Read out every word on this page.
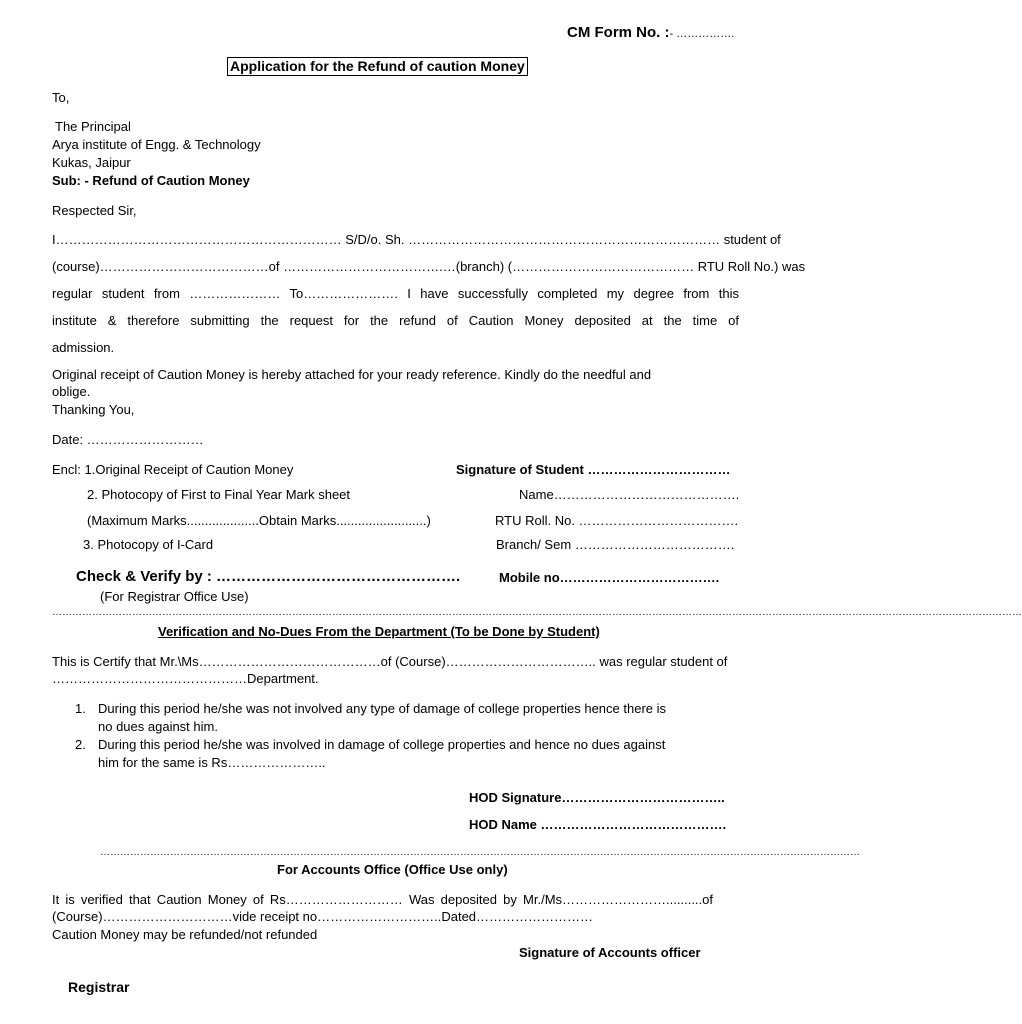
CM Form No. :- …………….
Application for the Refund of caution Money
To,
The Principal
Arya institute of Engg. & Technology
Kukas, Jaipur
Sub: - Refund of Caution Money
Respected Sir,
I………………………………………………………… S/D/o. Sh. ……………………………………………………………… student of
(course)…………………………………of ……………………………….…(branch) (…………………………………… RTU Roll No.) was
regular student from ………………… To…………………. I have successfully completed my degree from this
institute & therefore submitting the request for the refund of Caution Money deposited at the time of
admission.
Original receipt of Caution Money is hereby attached for your ready reference. Kindly do the needful and
oblige.
Thanking You,
Date: ………………………
Encl: 1.Original Receipt of Caution Money
2. Photocopy of First to Final Year Mark sheet
(Maximum Marks....................Obtain Marks.........................)
3. Photocopy of I-Card
Signature of Student ……………………………
Name…………………………………….
RTU Roll. No. ……………………………….
Branch/ Sem ……………………………….
Check & Verify by : ………………………………………….	Mobile no……………………………….
(For Registrar Office Use)
…………………………………………………………………………………………………………………………………………………………………………………………………………………………………………………………………
Verification and No-Dues From the Department (To be Done by Student)
This is Certify that Mr.\Ms……………………………………of (Course)…………………………….. was regular student of
………………………………………Department.
1. During this period he/she was not involved any type of damage of college properties hence there is
no dues against him.
2. During this period he/she was involved in damage of college properties and hence no dues against
him for the same is Rs…………………..
HOD Signature………………………………..
HOD Name …………………………………….
…………………………………………………………………………………………………………………………………………………………………………………………………………
For Accounts Office (Office Use only)
It is verified that Caution Money of Rs……………………… Was deposited by Mr./Ms……………………..........of
(Course)…………………………vide receipt no………………………..Dated………………………
Caution Money may be refunded/not refunded
Signature of Accounts officer
Registrar
